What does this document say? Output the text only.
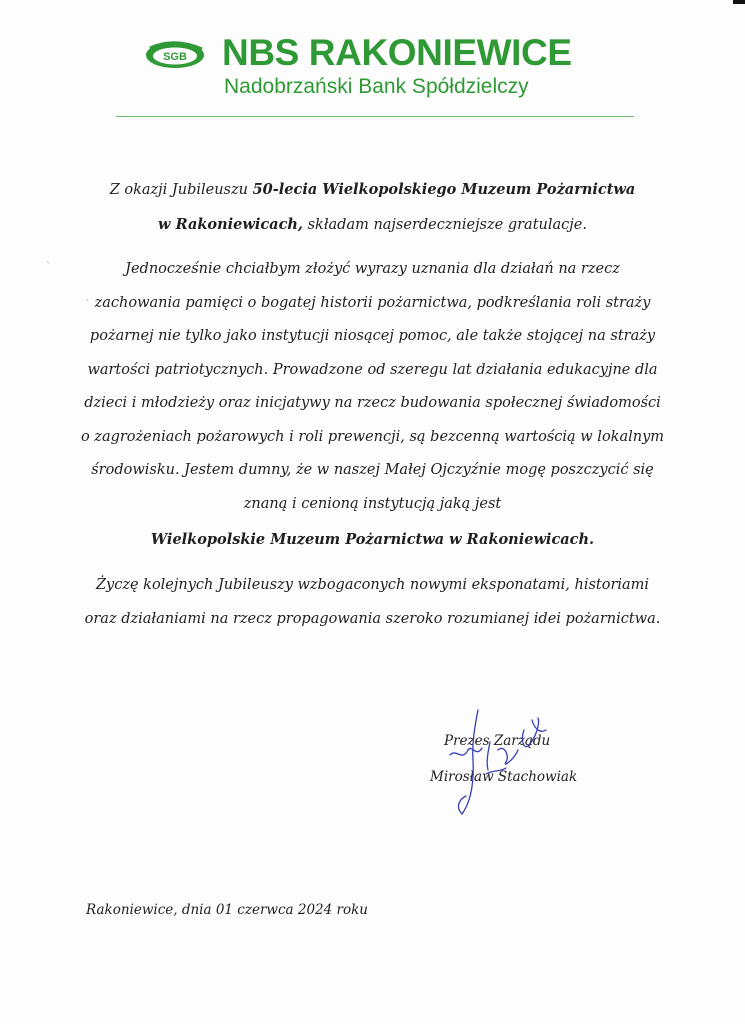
SGB NBS RAKONIEWICE
Nadobrzański Bank Spółdzielczy
`
.
Z okazji Jubileuszu 50-lecia Wielkopolskiego Muzeum Pożarnictwa
w Rakoniewicach, składam najserdeczniejsze gratulacje.
Jednocześnie chciałbym złożyć wyrazy uznania dla działań na rzecz
zachowania pamięci o bogatej historii pożarnictwa, podkreślania roli straży
pożarnej nie tylko jako instytucji niosącej pomoc, ale także stojącej na straży
wartości patriotycznych. Prowadzone od szeregu lat działania edukacyjne dla
dzieci i młodzieży oraz inicjatywy na rzecz budowania społecznej świadomości
o zagrożeniach pożarowych i roli prewencji, są bezcenną wartością w lokalnym
środowisku. Jestem dumny, że w naszej Małej Ojczyźnie mogę poszczycić się
znaną i cenioną instytucją jaką jest
Wielkopolskie Muzeum Pożarnictwa w Rakoniewicach.
Życzę kolejnych Jubileuszy wzbogaconych nowymi eksponatami, historiami
oraz działaniami na rzecz propagowania szeroko rozumianej idei pożarnictwa.
Prezes Zarządu
Mirosław Stachowiak
Rakoniewice, dnia 01 czerwca 2024 roku
